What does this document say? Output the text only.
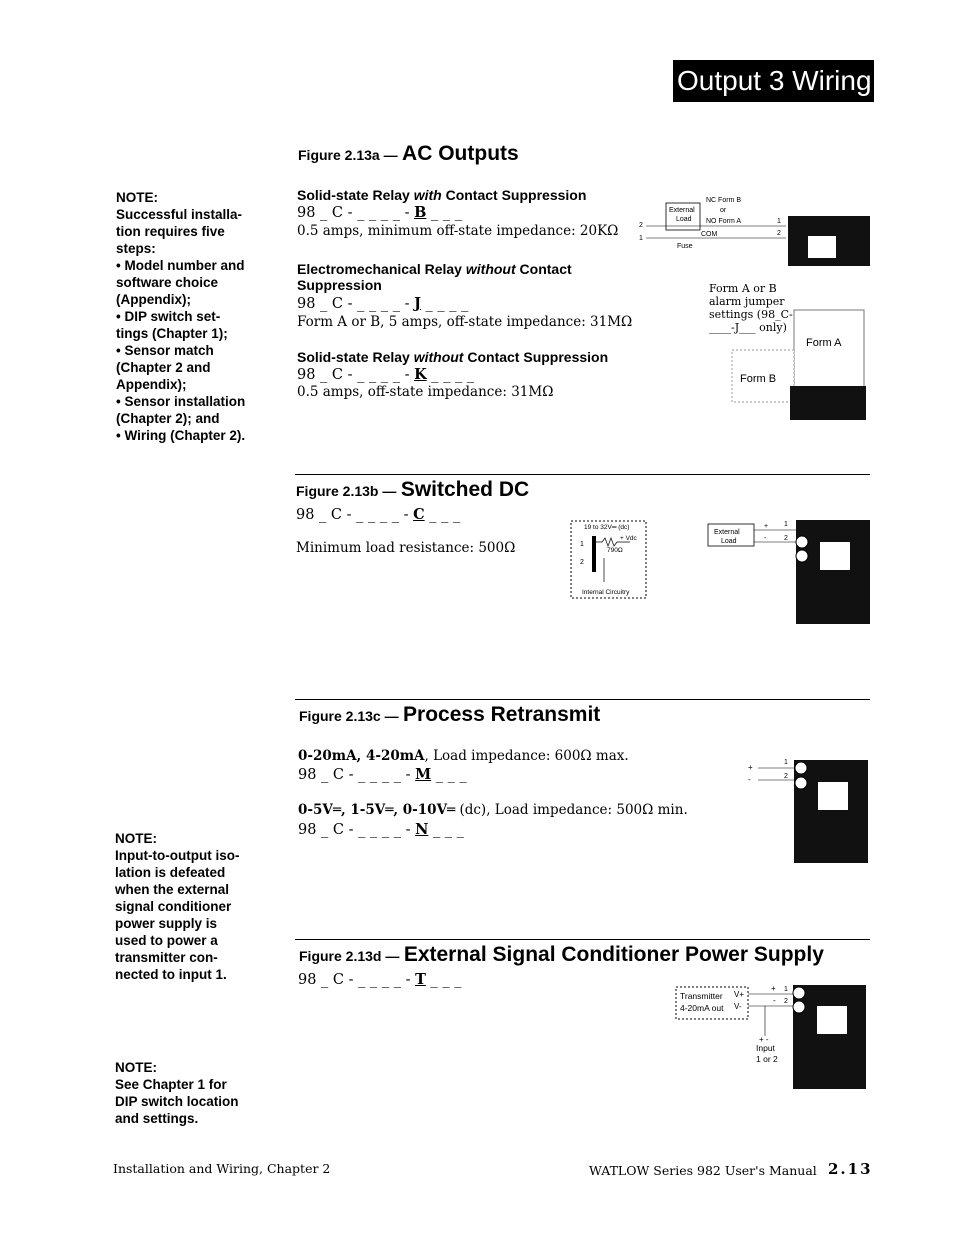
Output 3 Wiring
NOTE:
Successful installa-
tion requires five
steps:
• Model number and
software choice
(Appendix);
• DIP switch set-
tings (Chapter 1);
• Sensor match
(Chapter 2 and
Appendix);
• Sensor installation
(Chapter 2); and
• Wiring (Chapter 2).
NOTE:
Input-to-output iso-
lation is defeated
when the external
signal conditioner
power supply is
used to power a
transmitter con-
nected to input 1.
NOTE:
See Chapter 1 for
DIP switch location
and settings.
Figure 2.13a — AC Outputs
Solid-state Relay with Contact Suppression
98 _ C - _ _ _ _ - B _ _ _
0.5 amps, minimum off-state impedance: 20KΩ
Electromechanical Relay without Contact Suppression
98 _ C - _ _ _ _ - J _ _ _ _
Form A or B, 5 amps, off-state impedance: 31MΩ
Solid-state Relay without Contact Suppression
98 _ C - _ _ _ _ - K _ _ _ _
0.5 amps, off-state impedance: 31MΩ
NC Form B
or
NO Form A
External
Load
2
1
COM
Fuse
1
2
Form A or B
alarm jumper
settings (98_C-
____-J___ only)
Form A
Form B
Figure 2.13b — Switched DC
98 _ C - _ _ _ _ - C _ _ _
Minimum load resistance: 500Ω
19 to 32V═ (dc)
+ Vdc
790Ω
1
2
Internal Circuitry
External
Load
+
-
1
2
Figure 2.13c — Process Retransmit
0-20mA, 4-20mA, Load impedance: 600Ω max.
98 _ C - _ _ _ _ - M _ _ _
0-5V═, 1-5V═, 0-10V═ (dc), Load impedance: 500Ω min.
98 _ C - _ _ _ _ - N _ _ _
+
-
1
2
Figure 2.13d — External Signal Conditioner Power Supply
98 _ C - _ _ _ _ - T _ _ _
Transmitter
4-20mA out
V+
V-
+
-
1
2
+ -
Input
1 or 2
Installation and Wiring, Chapter 2	WATLOW Series 982 User's Manual 2.13
